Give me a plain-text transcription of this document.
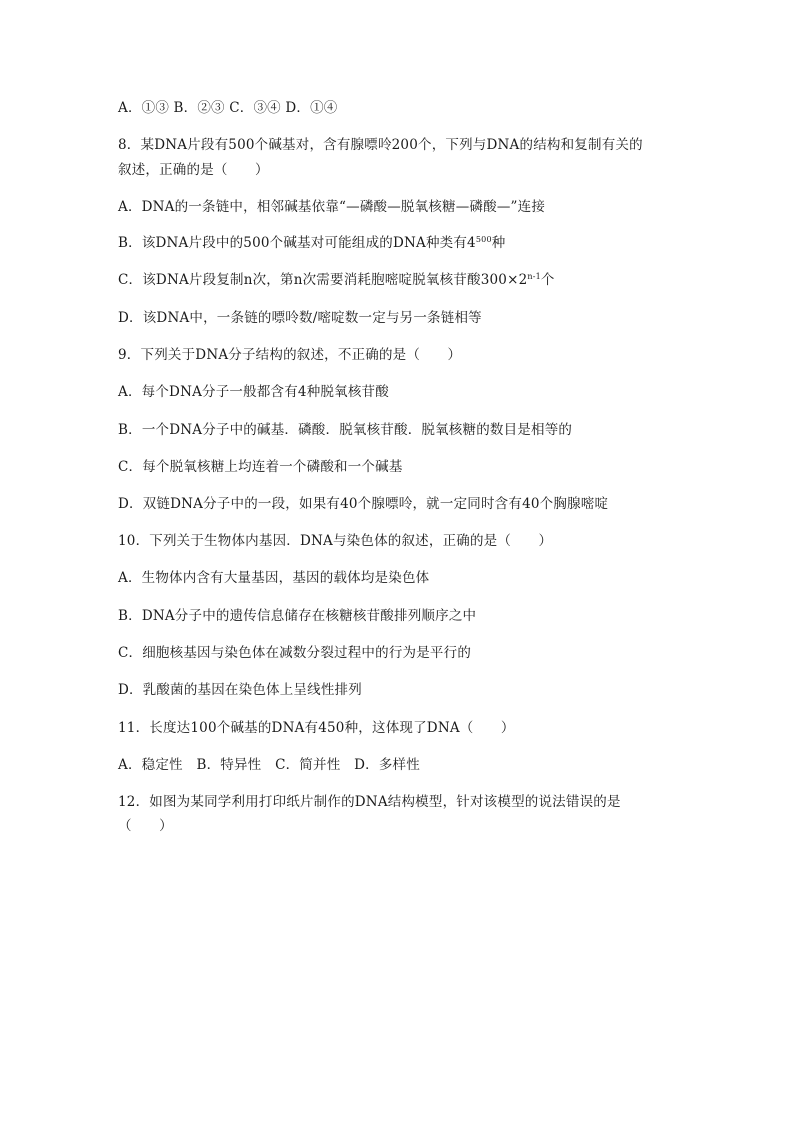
A．①③ B．②③ C．③④ D．①④
8．某DNA片段有500个碱基对，含有腺嘌呤200个，下列与DNA的结构和复制有关的
叙述，正确的是（　　）
A．DNA的一条链中，相邻碱基依靠“—磷酸—脱氧核糖—磷酸—”连接
B．该DNA片段中的500个碱基对可能组成的DNA种类有$4^{500}$种
C．该DNA片段复制n次，第n次需要消耗胞嘧啶脱氧核苷酸$300\times 2^{n-1}$个
D．该DNA中，一条链的嘌呤数/嘧啶数一定与另一条链相等
9．下列关于DNA分子结构的叙述，不正确的是（　　）
A．每个DNA分子一般都含有4种脱氧核苷酸
B．一个DNA分子中的碱基．磷酸．脱氧核苷酸．脱氧核糖的数目是相等的
C．每个脱氧核糖上均连着一个磷酸和一个碱基
D．双链DNA分子中的一段，如果有40个腺嘌呤，就一定同时含有40个胸腺嘧啶
10．下列关于生物体内基因．DNA与染色体的叙述，正确的是（　　）
A．生物体内含有大量基因，基因的载体均是染色体
B．DNA分子中的遗传信息储存在核糖核苷酸排列顺序之中
C．细胞核基因与染色体在减数分裂过程中的行为是平行的
D．乳酸菌的基因在染色体上呈线性排列
11．长度达100个碱基的DNA有450种，这体现了DNA（　　）
A．稳定性　B．特异性　C．简并性　D．多样性
12．如图为某同学利用打印纸片制作的DNA结构模型，针对该模型的说法错误的是
（　　）
